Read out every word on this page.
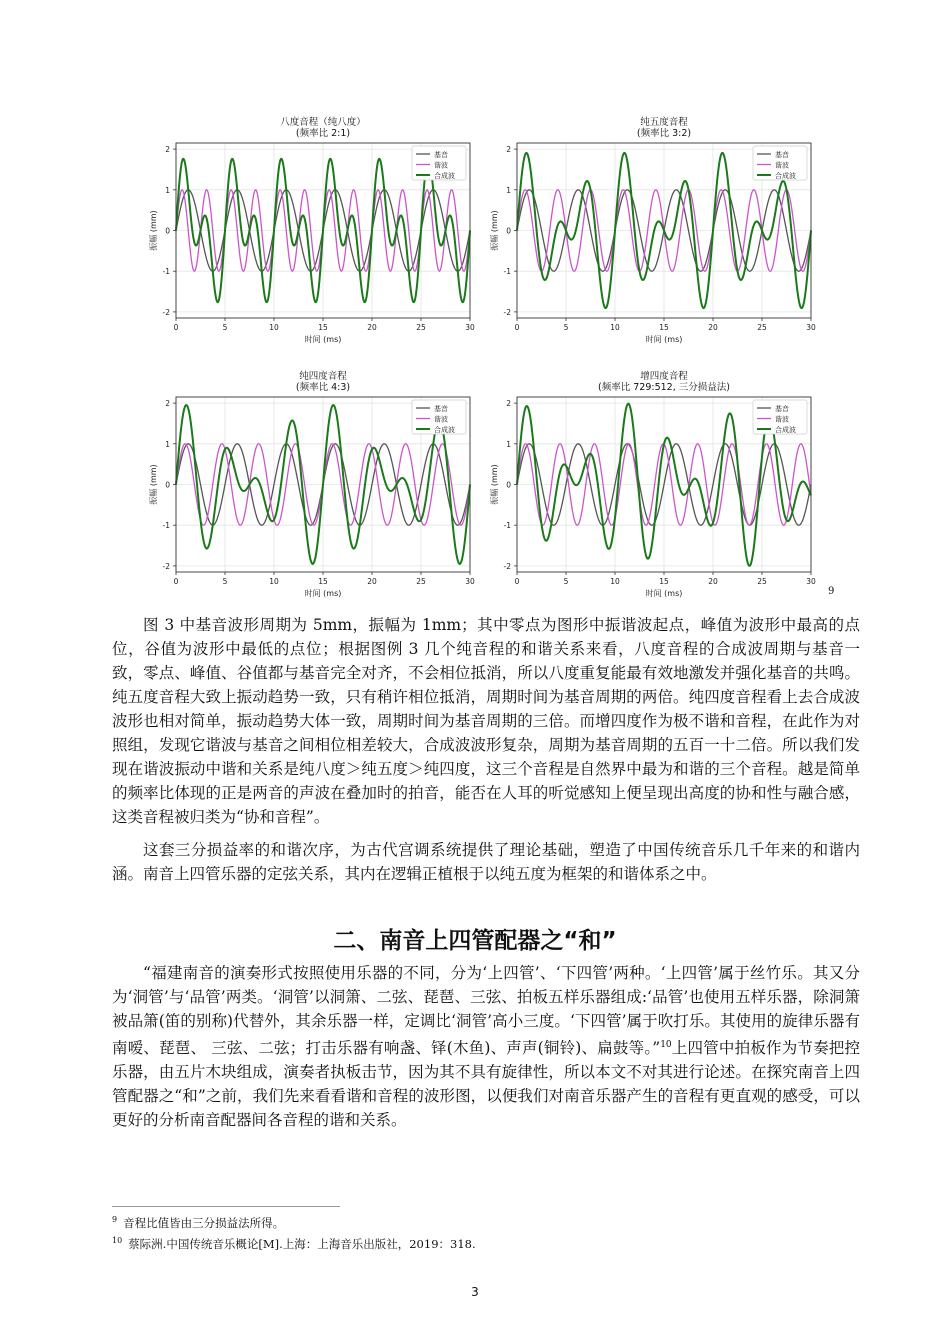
八度音程（纯八度）
(频率比 2:1)
0	5	10	15	20	25	30
-2
-1
0
1
2
时间 (ms)
振幅 (mm)
基音
谐波
合成波
纯五度音程
(频率比 3:2)
0	5	10	15	20	25	30
-2
-1
0
1
2
时间 (ms)
振幅 (mm)
基音
谐波
合成波
纯四度音程
(频率比 4:3)
0	5	10	15	20	25	30
-2
-1
0
1
2
时间 (ms)
振幅 (mm)
基音
谐波
合成波
增四度音程
(频率比 729:512, 三分损益法)
0	5	10	15	20	25	30
-2
-1
0
1
2
时间 (ms)
振幅 (mm)
基音
谐波
合成波
9

图 3 中基音波形周期为 5mm，振幅为 1mm；其中零点为图形中振谐波起点，峰值为波形中最高的点位，谷值为波形中最低的点位；根据图例 3 几个纯音程的和谐关系来看，八度音程的合成波周期与基音一致，零点、峰值、谷值都与基音完全对齐，不会相位抵消，所以八度重复能最有效地激发并强化基音的共鸣。纯五度音程大致上振动趋势一致，只有稍许相位抵消，周期时间为基音周期的两倍。纯四度音程看上去合成波波形也相对简单，振动趋势大体一致，周期时间为基音周期的三倍。而增四度作为极不谐和音程，在此作为对照组，发现它谐波与基音之间相位相差较大，合成波波形复杂，周期为基音周期的五百一十二倍。所以我们发现在谐波振动中谐和关系是纯八度＞纯五度＞纯四度，这三个音程是自然界中最为和谐的三个音程。越是简单的频率比体现的正是两音的声波在叠加时的拍音，能否在人耳的听觉感知上便呈现出高度的协和性与融合感，这类音程被归类为“协和音程”。

这套三分损益率的和谐次序，为古代宫调系统提供了理论基础，塑造了中国传统音乐几千年来的和谐内涵。南音上四管乐器的定弦关系，其内在逻辑正植根于以纯五度为框架的和谐体系之中。

二、南音上四管配器之“和”

“福建南音的演奏形式按照使用乐器的不同，分为‘上四管’、‘下四管’两种。‘上四管’属于丝竹乐。其又分为‘洞管’与‘品管’两类。‘洞管’以洞箫、二弦、琵琶、三弦、拍板五样乐器组成:‘品管’也使用五样乐器，除洞箫被品箫(笛的别称)代替外，其余乐器一样，定调比‘洞管’高小三度。‘下四管’属于吹打乐。其使用的旋律乐器有南嗳、琵琶、 三弦、二弦；打击乐器有响盏、铎(木鱼)、声声(铜铃)、扁鼓等。”$^{10}$上四管中拍板作为节奏把控乐器，由五片木块组成，演奏者执板击节，因为其不具有旋律性，所以本文不对其进行论述。在探究南音上四管配器之“和”之前，我们先来看看谐和音程的波形图，以便我们对南音乐器产生的音程有更直观的感受，可以更好的分析南音配器间各音程的谐和关系。

$^9$ 音程比值皆由三分损益法所得。
$^{10}$ 蔡际洲.中国传统音乐概论[M].上海：上海音乐出版社，2019：318.
3
